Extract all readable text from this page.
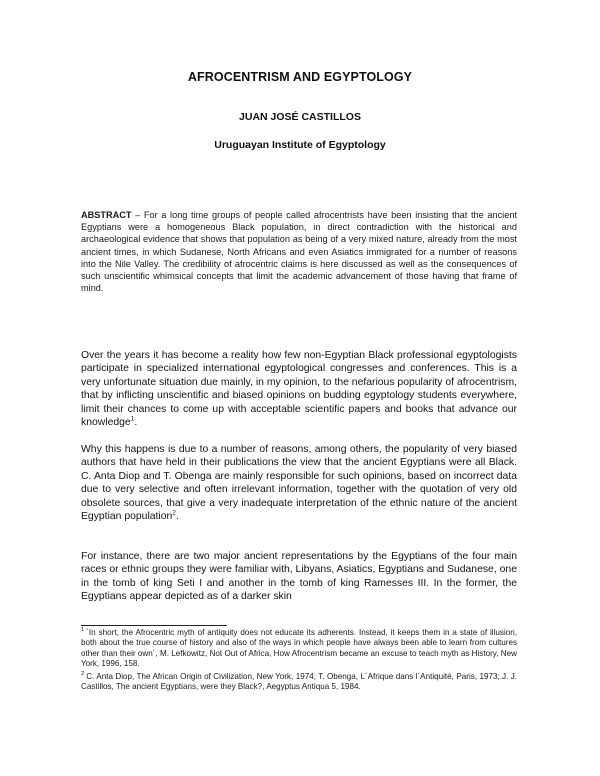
AFROCENTRISM AND EGYPTOLOGY
JUAN JOSÉ CASTILLOS
Uruguayan Institute of Egyptology
ABSTRACT – For a long time groups of people called afrocentrists have been insisting that the ancient Egyptians were a homogeneous Black population, in direct contradiction with the historical and archaeological evidence that shows that population as being of a very mixed nature, already from the most ancient times, in which Sudanese, North Africans and even Asiatics immigrated for a number of reasons into the Nile Valley. The credibility of afrocentric claims is here discussed as well as the consequences of such unscientific whimsical concepts that limit the academic advancement of those having that frame of mind.
Over the years it has become a reality how few non-Egyptian Black professional egyptologists participate in specialized international egyptological congresses and conferences. This is a very unfortunate situation due mainly, in my opinion, to the nefarious popularity of afrocentrism, that by inflicting unscientific and biased opinions on budding egyptology students everywhere, limit their chances to come up with acceptable scientific papers and books that advance our knowledge$^1$.
Why this happens is due to a number of reasons, among others, the popularity of very biased authors that have held in their publications the view that the ancient Egyptians were all Black. C. Anta Diop and T. Obenga are mainly responsible for such opinions, based on incorrect data due to very selective and often irrelevant information, together with the quotation of very old obsolete sources, that give a very inadequate interpretation of the ethnic nature of the ancient Egyptian population$^2$.
For instance, there are two major ancient representations by the Egyptians of the four main races or ethnic groups they were familiar with, Libyans, Asiatics, Egyptians and Sudanese, one in the tomb of king Seti I and another in the tomb of king Ramesses III. In the former, the Egyptians appear depicted as of a darker skin
$^1$ ´In short, the Afrocentric myth of antiquity does not educate its adherents. Instead, it keeps them in a state of illusion, both about the true course of history and also of the ways in which people have always been able to learn from cultures other than their own´, M. Lefkowitz, Not Out of Africa, How Afrocentrism became an excuse to teach myth as History, New York, 1996, 158.
$^2$ C. Anta Diop, The African Origin of Civilization, New York, 1974; T. Obenga, L´Afrique dans l´Antiquité, Paris, 1973;.J. J. Castillos, The ancient Egyptians, were they Black?, Aegyptus Antiqua 5, 1984.
